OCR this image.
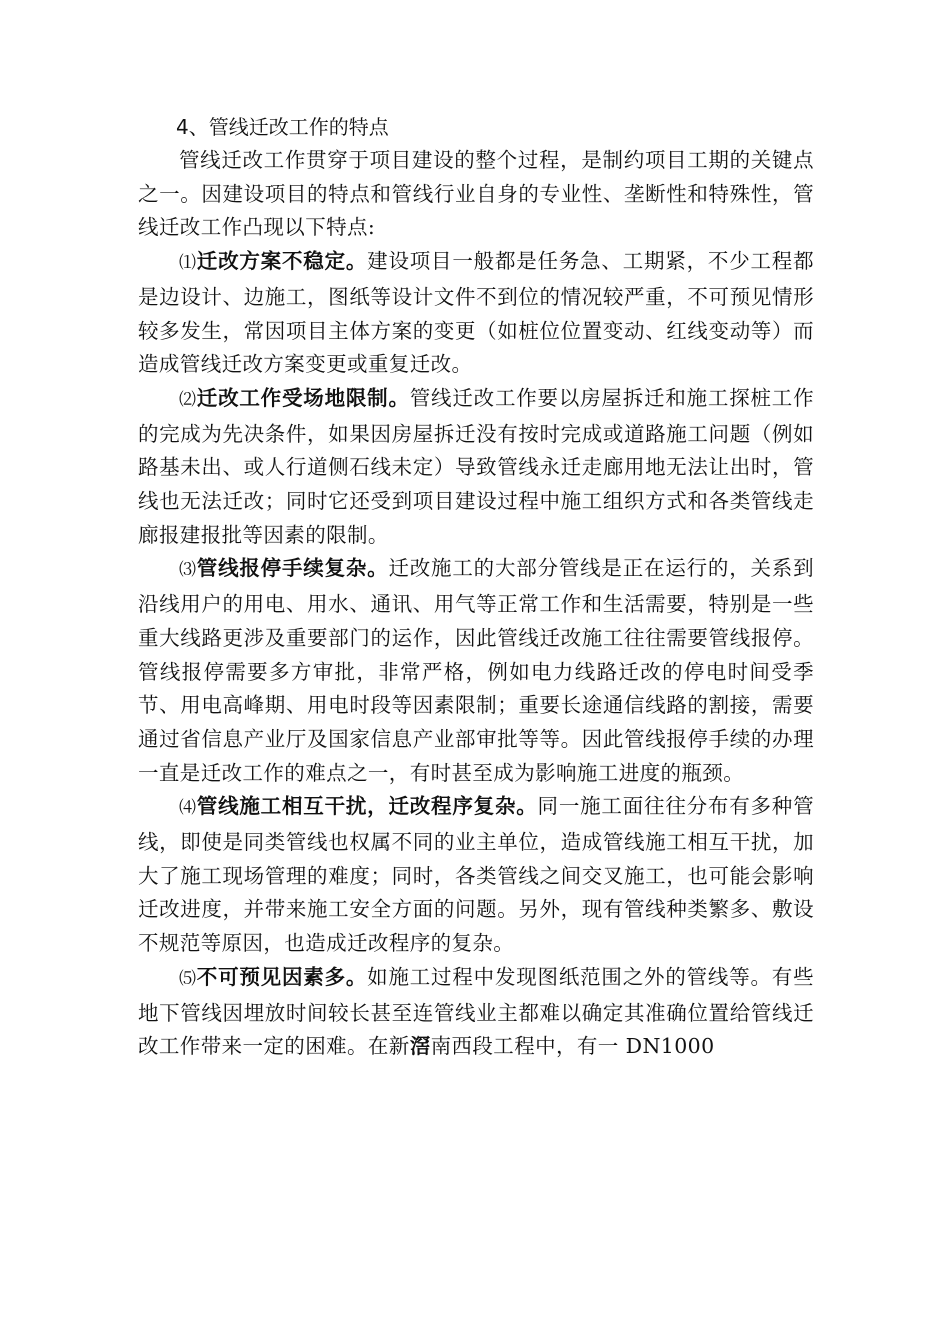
4、管线迁改工作的特点

管线迁改工作贯穿于项目建设的整个过程，是制约项目工期的关键点之一。因建设项目的特点和管线行业自身的专业性、垄断性和特殊性，管线迁改工作凸现以下特点:

⑴迁改方案不稳定。建设项目一般都是任务急、工期紧，不少工程都是边设计、边施工，图纸等设计文件不到位的情况较严重，不可预见情形较多发生，常因项目主体方案的变更（如桩位位置变动、红线变动等）而造成管线迁改方案变更或重复迁改。

⑵迁改工作受场地限制。管线迁改工作要以房屋拆迁和施工探桩工作的完成为先决条件，如果因房屋拆迁没有按时完成或道路施工问题（例如路基未出、或人行道侧石线未定）导致管线永迁走廊用地无法让出时，管线也无法迁改；同时它还受到项目建设过程中施工组织方式和各类管线走廊报建报批等因素的限制。

⑶管线报停手续复杂。迁改施工的大部分管线是正在运行的，关系到沿线用户的用电、用水、通讯、用气等正常工作和生活需要，特别是一些重大线路更涉及重要部门的运作，因此管线迁改施工往往需要管线报停。管线报停需要多方审批，非常严格，例如电力线路迁改的停电时间受季节、用电高峰期、用电时段等因素限制；重要长途通信线路的割接，需要通过省信息产业厅及国家信息产业部审批等等。因此管线报停手续的办理一直是迁改工作的难点之一，有时甚至成为影响施工进度的瓶颈。

⑷管线施工相互干扰，迁改程序复杂。同一施工面往往分布有多种管线，即使是同类管线也权属不同的业主单位，造成管线施工相互干扰，加大了施工现场管理的难度；同时，各类管线之间交叉施工，也可能会影响迁改进度，并带来施工安全方面的问题。另外，现有管线种类繁多、敷设不规范等原因，也造成迁改程序的复杂。

⑸不可预见因素多。如施工过程中发现图纸范围之外的管线等。有些地下管线因埋放时间较长甚至连管线业主都难以确定其准确位置给管线迁改工作带来一定的困难。在新滘南西段工程中，有一 DN1000
